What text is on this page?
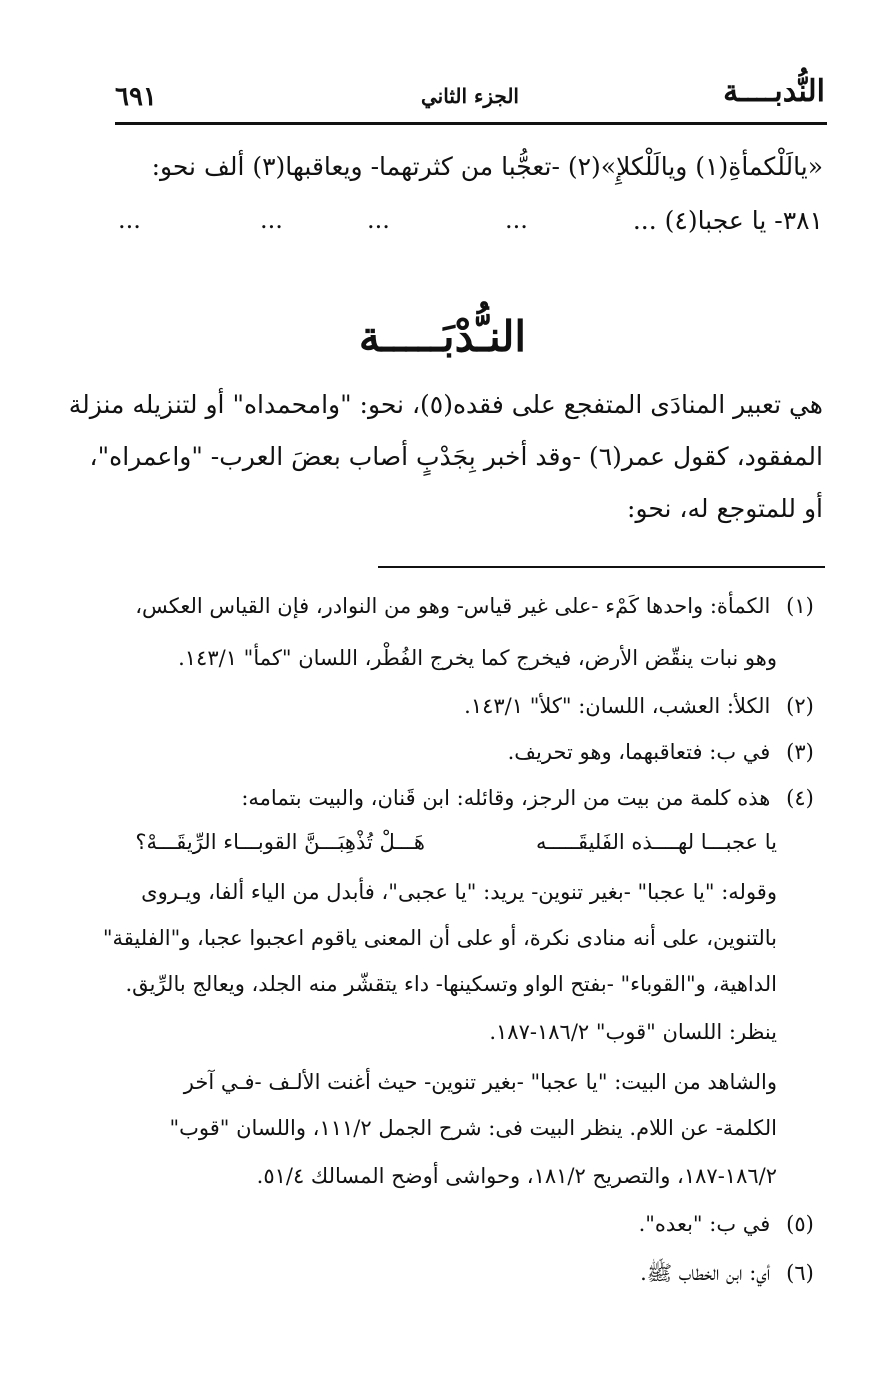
٦٩١	الجزء الثاني	النُّدبــــة
«يالَلْكمأةِ(١) ويالَلْكلإِ»(٢) -تعجُّبا من كثرتهما- ويعاقبها(٣) ألف نحو:
٣٨١- يا عجبا(٤) ...
...
...
...
...
النـُّدْبَـــــة
هي تعبير المنادَى المتفجع على فقده(٥)، نحو: "وامحمداه" أو لتنزيله منزلة
المفقود، كقول عمر(٦) -وقد أخبر بِجَدْبٍ أصاب بعضَ العرب- "واعمراه"،
أو للمتوجع له، نحو:
(١) الكمأة: واحدها كَمْء -على غير قياس- وهو من النوادر، فإن القياس العكس،
وهو نبات ينقّض الأرض، فيخرج كما يخرج الفُطْر، اللسان "كمأ" ١٤٣/١.
(٢) الكلأ: العشب، اللسان: "كلأ" ١٤٣/١.
(٣) في ب: فتعاقبهما، وهو تحريف.
(٤) هذه كلمة من بيت من الرجز، وقائله: ابن قَنان، والبيت بتمامه:
يا عجبـــا لهــــذه الفَليقَـــــه
هَـــلْ تُذْهِبَـــنَّ القوبـــاء الرِّيقَـــهْ؟
وقوله: "يا عجبا" -بغير تنوين- يريد: "يا عجبى"، فأبدل من الياء ألفا، ويـروى
بالتنوين، على أنه منادى نكرة، أو على أن المعنى ياقوم اعجبوا عجبا، و"الفليقة"
الداهية، و"القوباء" -بفتح الواو وتسكينها- داء يتقشّر منه الجلد، ويعالج بالرِّيق.
ينظر: اللسان "قوب" ١٨٦/٢-١٨٧.
والشاهد من البيت: "يا عجبا" -بغير تنوين- حيث أغنت الألـف -فـي آخر
الكلمة- عن اللام. ينظر البيت فى: شرح الجمل ١١١/٢، واللسان "قوب"
١٨٦/٢-١٨٧، والتصريح ١٨١/٢، وحواشى أوضح المسالك ٥١/٤.
(٥) في ب: "بعده".
(٦) أي: ابن الخطاب ﷺ.
